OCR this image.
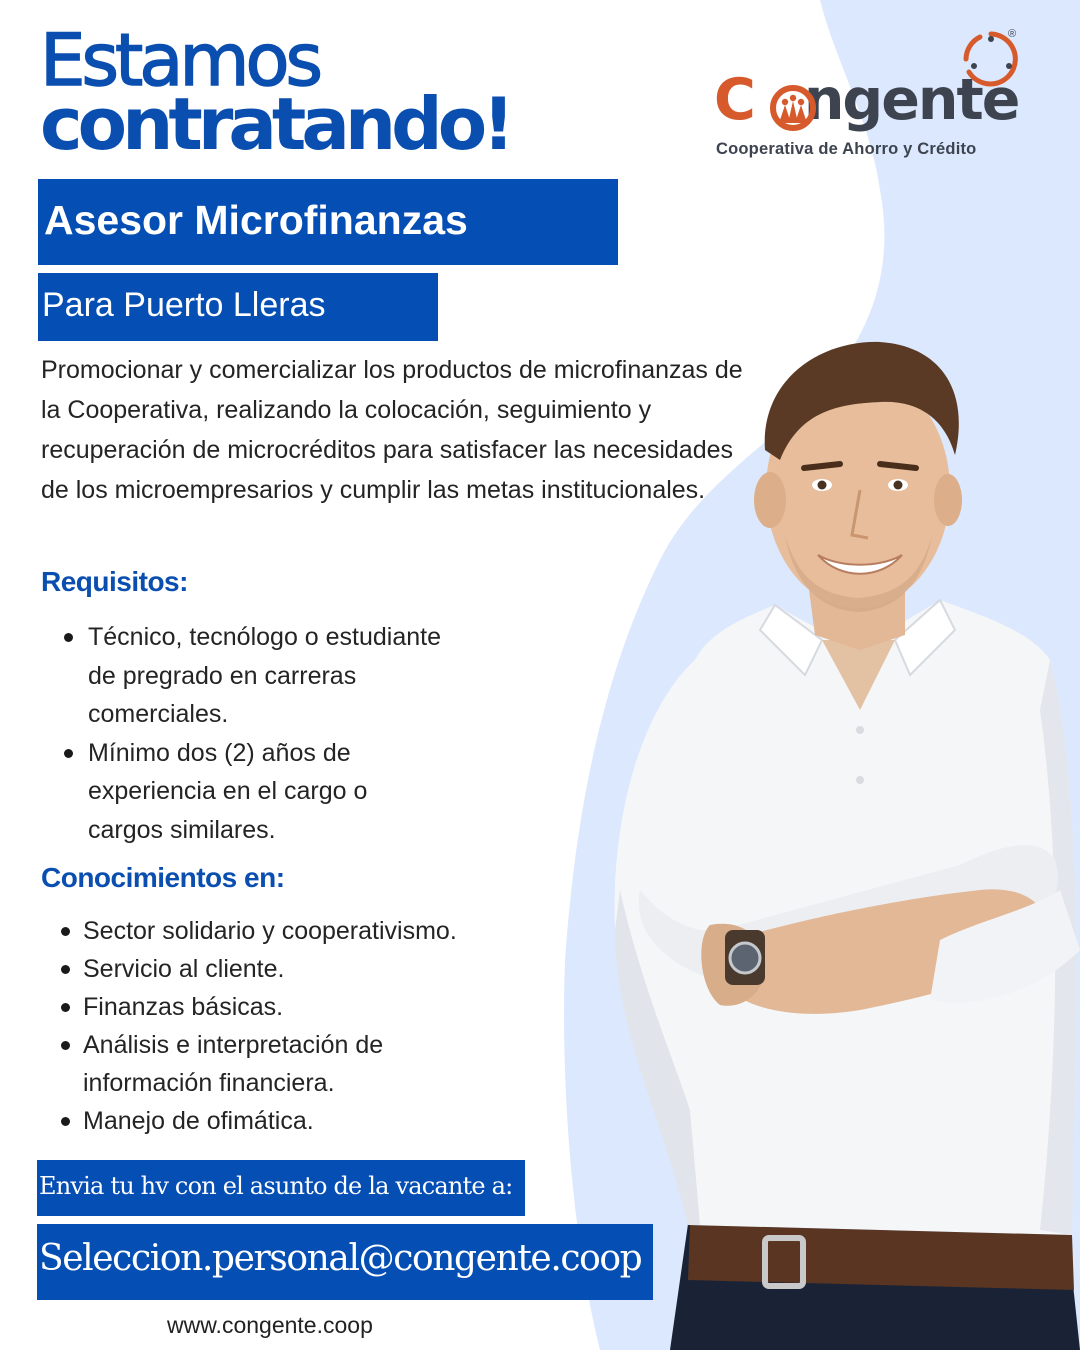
Estamos
contratando!
Asesor Microfinanzas
Para Puerto Lleras

Promocionar y comercializar los productos de microfinanzas de la Cooperativa, realizando la colocación, seguimiento y recuperación de microcréditos para satisfacer las necesidades de los microempresarios y cumplir las metas institucionales.

Requisitos:
Técnico, tecnólogo o estudiante de pregrado en carreras comerciales.
Mínimo dos (2) años de experiencia en el cargo o cargos similares.
Conocimientos en:
Sector solidario y cooperativismo.
Servicio al cliente.
Finanzas básicas.
Análisis e interpretación de información financiera.
Manejo de ofimática.
Envia tu hv con el asunto de la vacante a:
Seleccion.personal@congente.coop

www.congente.coop

®
C ngente
Cooperativa de Ahorro y Crédito
